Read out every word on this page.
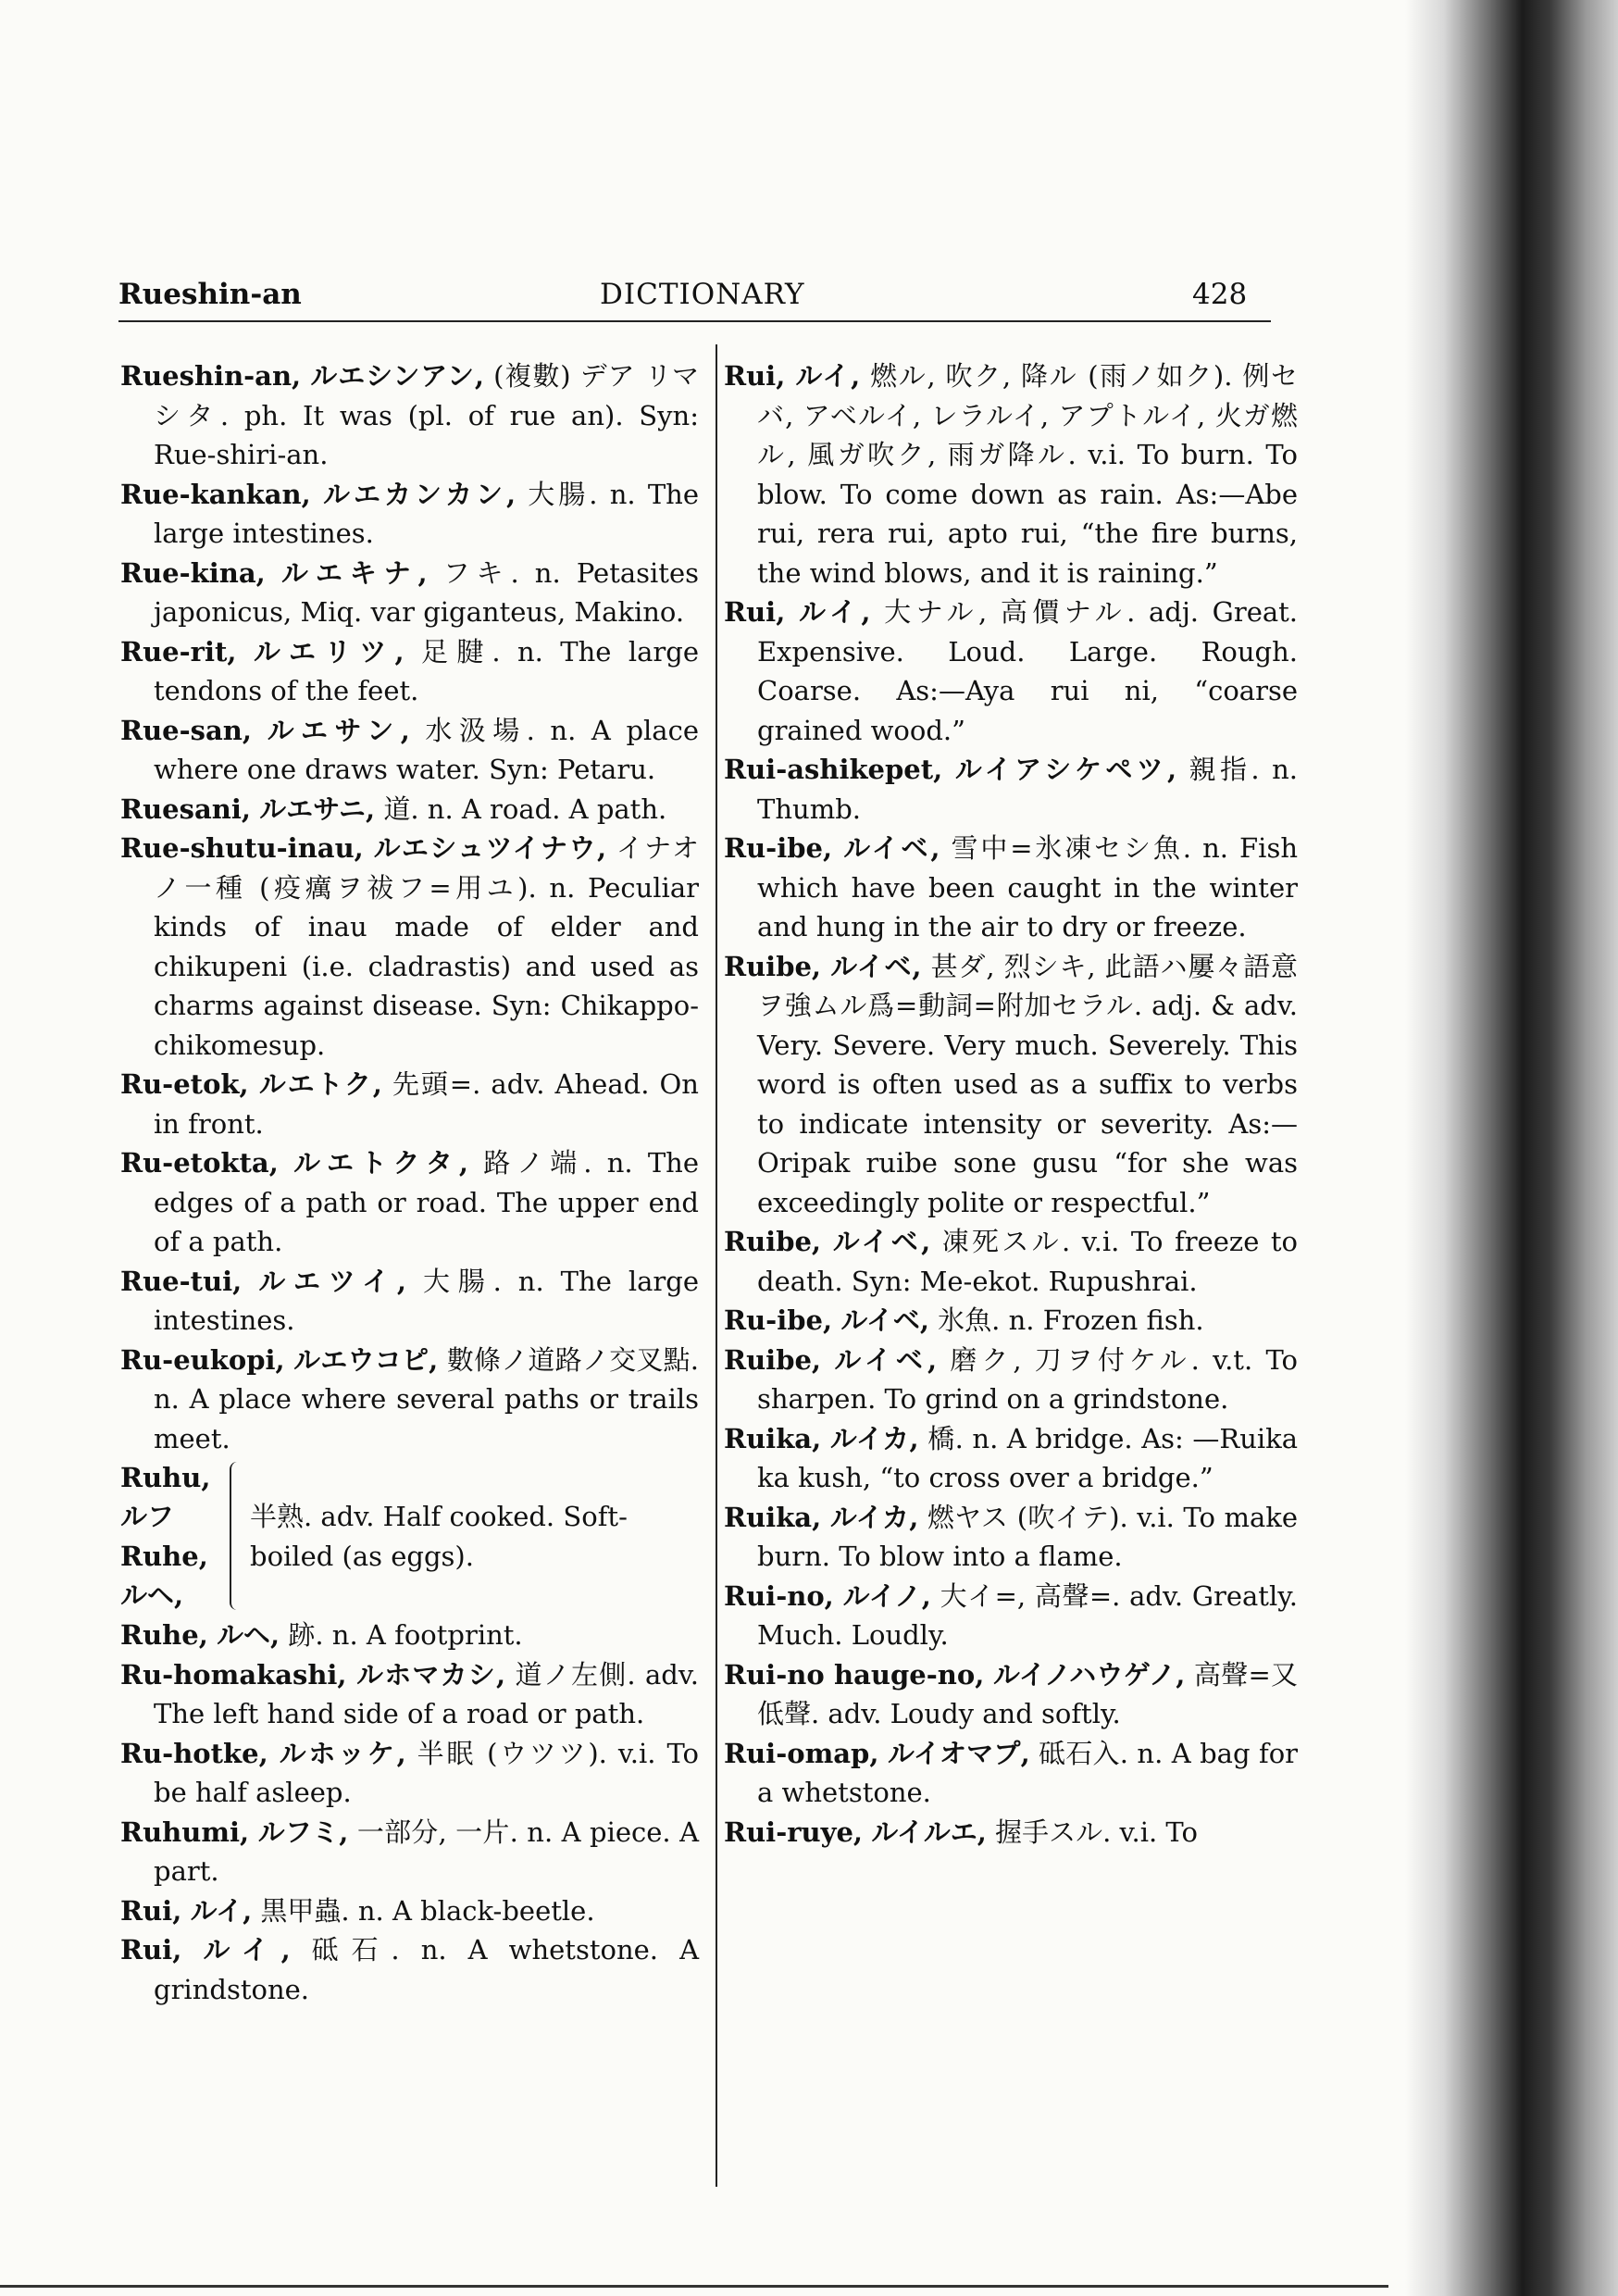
Rueshin-an	DICTIONARY	428

Rueshin-an, ルエシンアン, (複數) デア リマシタ. ph. It was (pl. of rue an). Syn: Rue-shiri-an.

Rue-kankan, ルエカンカン, 大腸. n. The large intestines.

Rue-kina, ルエキナ, フキ. n. Petasites japonicus, Miq. var giganteus, Makino.

Rue-rit, ルエリツ, 足腱. n. The large tendons of the feet.

Rue-san, ルエサン, 水汲場. n. A place where one draws water. Syn: Petaru.

Ruesani, ルエサニ, 道. n. A road. A path.

Rue-shutu-inau, ルエシュツイナウ, イナオノ一種 (疫癘ヲ祓フ=用ユ). n. Peculiar kinds of inau made of elder and chikupeni (i.e. cladrastis) and used as charms against disease. Syn: Chikappo-chikomesup.

Ru-etok, ルエトク, 先頭=. adv. Ahead. On in front.

Ru-etokta, ルエトクタ, 路ノ端. n. The edges of a path or road. The upper end of a path.

Rue-tui, ルエツイ, 大腸. n. The large intestines.

Ru-eukopi, ルエウコピ, 數條ノ道路ノ交叉點. n. A place where several paths or trails meet.

Ruhu,
ルフ
Ruhe,
ルヘ,
半熟. adv. Half cooked. Soft-boiled (as eggs).

Ruhe, ルヘ, 跡. n. A footprint.

Ru-homakashi, ルホマカシ, 道ノ左側. adv. The left hand side of a road or path.

Ru-hotke, ルホッケ, 半眠 (ウツツ). v.i. To be half asleep.

Ruhumi, ルフミ, 一部分, 一片. n. A piece. A part.

Rui, ルイ, 黒甲蟲. n. A black-beetle.

Rui, ルイ, 砥石. n. A whetstone. A grindstone.

Rui, ルイ, 燃ル, 吹ク, 降ル (雨ノ如ク). 例セバ, アベルイ, レラルイ, アプトルイ, 火ガ燃ル, 風ガ吹ク, 雨ガ降ル. v.i. To burn. To blow. To come down as rain. As:—Abe rui, rera rui, apto rui, “the fire burns, the wind blows, and it is raining.”

Rui, ルイ, 大ナル, 高價ナル. adj. Great. Expensive. Loud. Large. Rough. Coarse. As:—Aya rui ni, “coarse grained wood.”

Rui-ashikepet, ルイアシケペツ, 親指. n. Thumb.

Ru-ibe, ルイベ, 雪中=氷凍セシ魚. n. Fish which have been caught in the winter and hung in the air to dry or freeze.

Ruibe, ルイベ, 甚ダ, 烈シキ, 此語ハ屢々語意ヲ強ムル爲=動詞=附加セラル. adj. & adv. Very. Severe. Very much. Severely. This word is often used as a suffix to verbs to indicate intensity or severity. As:—Oripak ruibe sone gusu “for she was exceedingly polite or respectful.”

Ruibe, ルイベ, 凍死スル. v.i. To freeze to death. Syn: Me-ekot. Rupushrai.

Ru-ibe, ルイベ, 氷魚. n. Frozen fish.

Ruibe, ルイベ, 磨ク, 刀ヲ付ケル. v.t. To sharpen. To grind on a grindstone.

Ruika, ルイカ, 橋. n. A bridge. As: —Ruika ka kush, “to cross over a bridge.”

Ruika, ルイカ, 燃ヤス (吹イテ). v.i. To make burn. To blow into a flame.

Rui-no, ルイノ, 大イ=, 高聲=. adv. Greatly. Much. Loudly.

Rui-no hauge-no, ルイノハウゲノ, 高聲=又低聲. adv. Loudy and softly.

Rui-omap, ルイオマプ, 砥石入. n. A bag for a whetstone.

Rui-ruye, ルイルエ, 握手スル. v.i. To
